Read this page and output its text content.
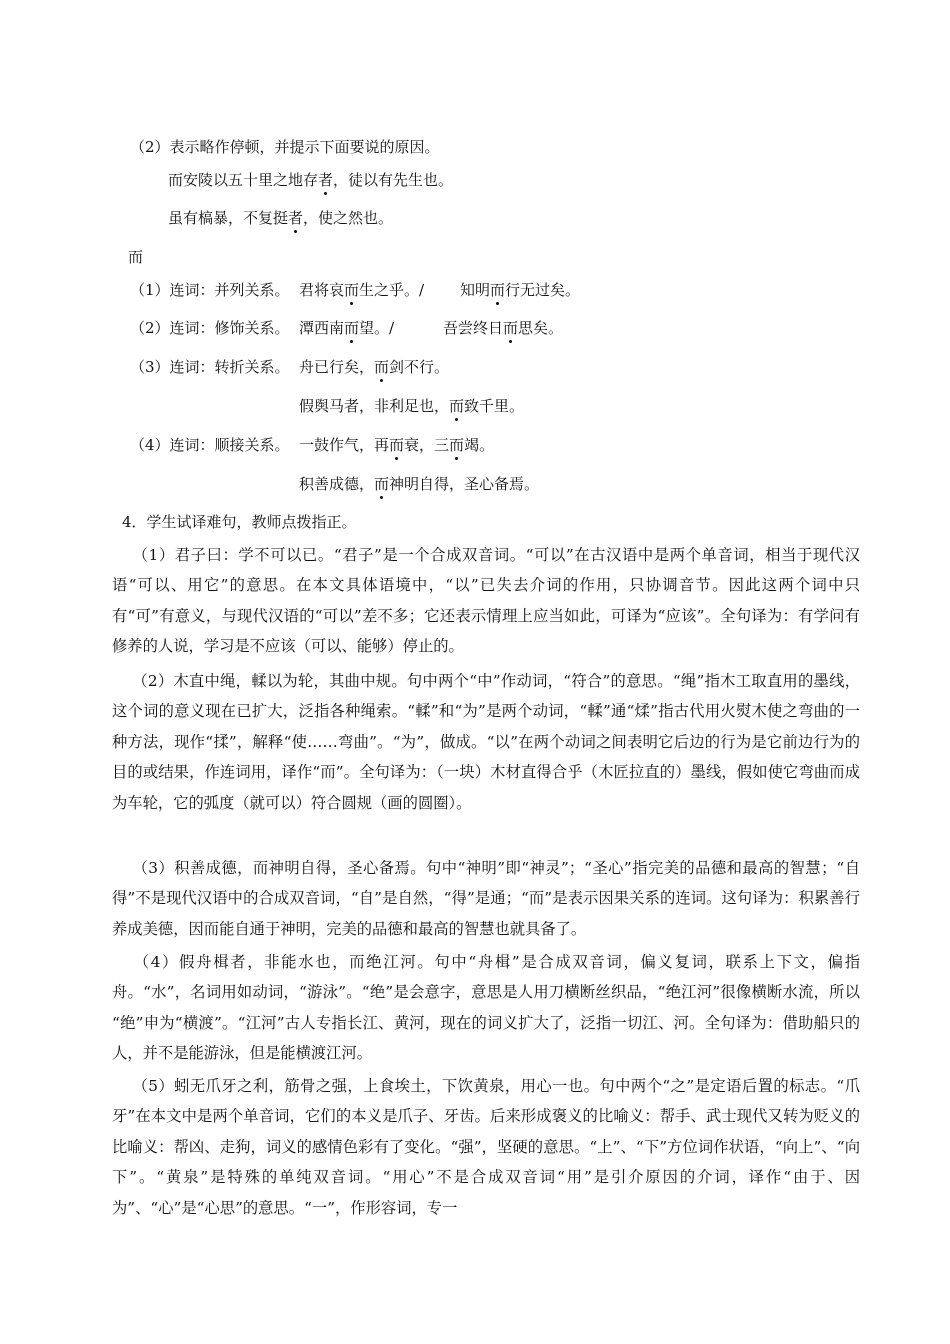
（2）表示略作停顿，并提示下面要说的原因。
而安陵以五十里之地存者，徒以有先生也。
虽有槁暴，不复挺者，使之然也。
而
（1）连词：并列关系。 君将哀而生之乎。/ 知明而行无过矣。
（2）连词：修饰关系。 潭西南而望。/	吾尝终日而思矣。
（3）连词：转折关系。 舟已行矣，而剑不行。
假舆马者，非利足也，而致千里。
（4）连词：顺接关系。 一鼓作气，再而衰，三而竭。
积善成德，而神明自得，圣心备焉。
4．学生试译难句，教师点拨指正。
（1）君子曰：学不可以已。“君子”是一个合成双音词。“可以”在古汉语中是两个单音词，相当于现代汉语“可以、用它”的意思。在本文具体语境中，“以”已失去介词的作用，只协调音节。因此这两个词中只有“可”有意义，与现代汉语的“可以”差不多；它还表示情理上应当如此，可译为“应该”。全句译为：有学问有修养的人说，学习是不应该（可以、能够）停止的。
（2）木直中绳，輮以为轮，其曲中规。句中两个“中”作动词，“符合”的意思。“绳”指木工取直用的墨线，这个词的意义现在已扩大，泛指各种绳索。“輮”和“为”是两个动词，“輮”通“煣”指古代用火熨木使之弯曲的一种方法，现作“揉”，解释“使……弯曲”。“为”，做成。“以”在两个动词之间表明它后边的行为是它前边行为的目的或结果，作连词用，译作“而”。全句译为：（一块）木材直得合乎（木匠拉直的）墨线，假如使它弯曲而成为车轮，它的弧度（就可以）符合圆规（画的圆圈）。
（3）积善成德，而神明自得，圣心备焉。句中“神明”即“神灵”；“圣心”指完美的品德和最高的智慧；“自得”不是现代汉语中的合成双音词，“自”是自然，“得”是通；“而”是表示因果关系的连词。这句译为：积累善行养成美德，因而能自通于神明，完美的品德和最高的智慧也就具备了。
（4）假舟楫者，非能水也，而绝江河。句中“舟楫”是合成双音词，偏义复词，联系上下文，偏指舟。“水”，名词用如动词，“游泳”。“绝”是会意字，意思是人用刀横断丝织品，“绝江河”很像横断水流，所以　　“绝”申为“横渡”。“江河”古人专指长江、黄河，现在的词义扩大了，泛指一切江、河。全句译为：借助船只的人，并不是能游泳，但是能横渡江河。
（5）蚓无爪牙之利，筋骨之强，上食埃土，下饮黄泉，用心一也。句中两个“之”是定语后置的标志。“爪牙”在本文中是两个单音词，它们的本义是爪子、牙齿。后来形成褒义的比喻义：帮手、武士现代又转为贬义的比喻义：帮凶、走狗，词义的感情色彩有了变化。“强”，坚硬的意思。“上”、“下”方位词作状语，“向上”、“向下”。“黄泉”是特殊的单纯双音词。“用心”不是合成双音词“用”是引介原因的介词，译作“由于、因为”、“心”是“心思”的意思。“一”，作形容词，专一
